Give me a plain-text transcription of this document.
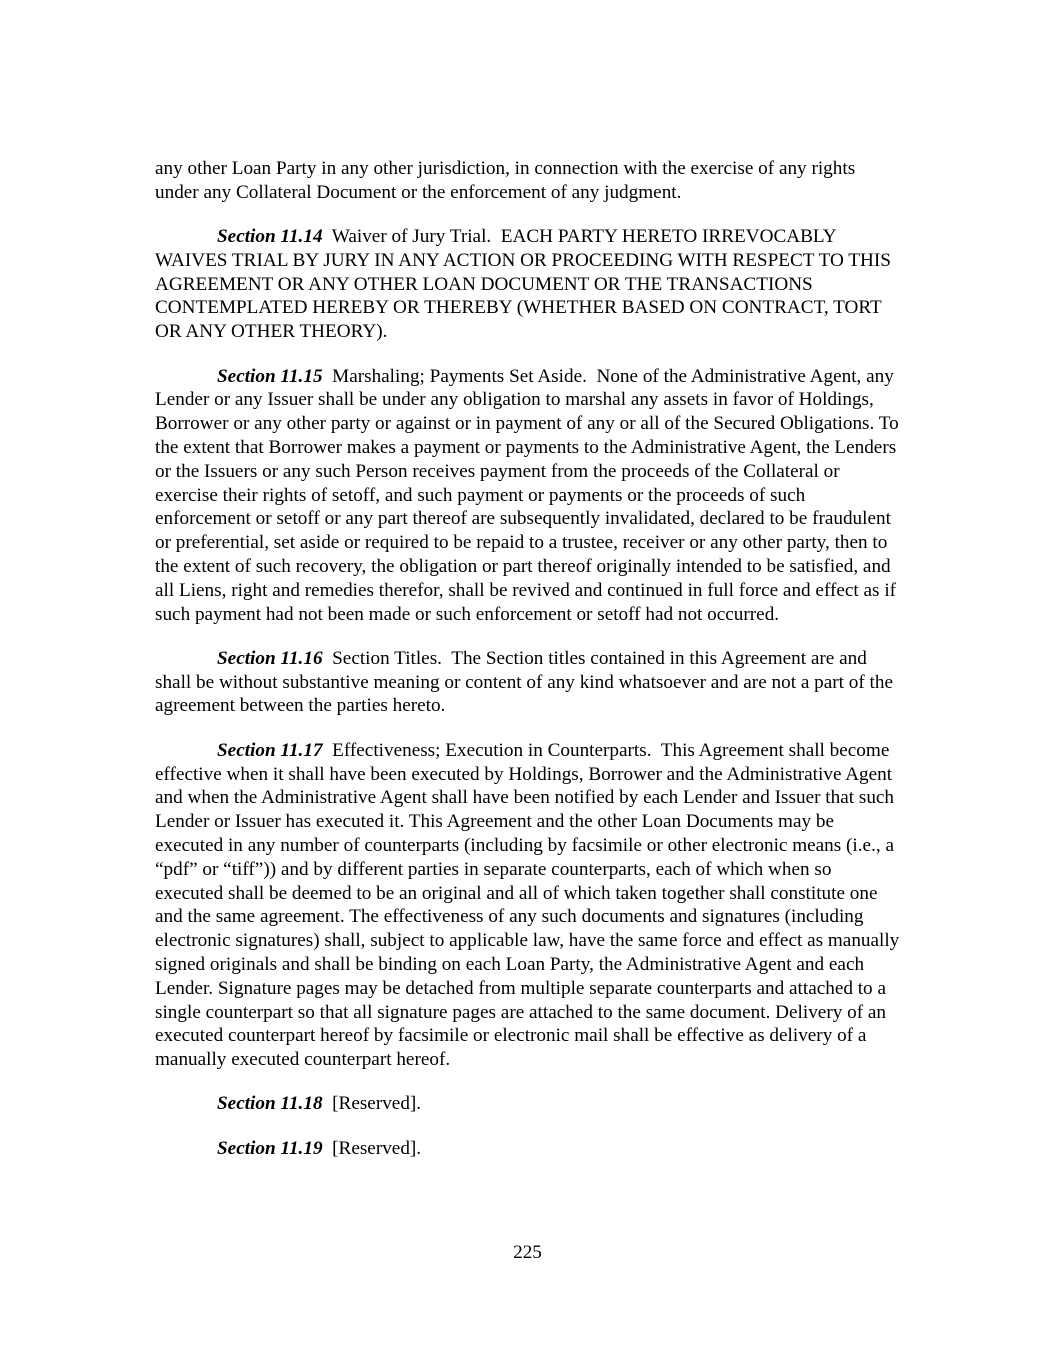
any other Loan Party in any other jurisdiction, in connection with the exercise of any rights under any Collateral Document or the enforcement of any judgment.

Section 11.14 Waiver of Jury Trial. EACH PARTY HERETO IRREVOCABLY WAIVES TRIAL BY JURY IN ANY ACTION OR PROCEEDING WITH RESPECT TO THIS AGREEMENT OR ANY OTHER LOAN DOCUMENT OR THE TRANSACTIONS CONTEMPLATED HEREBY OR THEREBY (WHETHER BASED ON CONTRACT, TORT OR ANY OTHER THEORY).

Section 11.15 Marshaling; Payments Set Aside. None of the Administrative Agent, any Lender or any Issuer shall be under any obligation to marshal any assets in favor of Holdings, Borrower or any other party or against or in payment of any or all of the Secured Obligations. To the extent that Borrower makes a payment or payments to the Administrative Agent, the Lenders or the Issuers or any such Person receives payment from the proceeds of the Collateral or exercise their rights of setoff, and such payment or payments or the proceeds of such enforcement or setoff or any part thereof are subsequently invalidated, declared to be fraudulent or preferential, set aside or required to be repaid to a trustee, receiver or any other party, then to the extent of such recovery, the obligation or part thereof originally intended to be satisfied, and all Liens, right and remedies therefor, shall be revived and continued in full force and effect as if such payment had not been made or such enforcement or setoff had not occurred.

Section 11.16 Section Titles. The Section titles contained in this Agreement are and shall be without substantive meaning or content of any kind whatsoever and are not a part of the agreement between the parties hereto.

Section 11.17 Effectiveness; Execution in Counterparts. This Agreement shall become effective when it shall have been executed by Holdings, Borrower and the Administrative Agent and when the Administrative Agent shall have been notified by each Lender and Issuer that such Lender or Issuer has executed it. This Agreement and the other Loan Documents may be executed in any number of counterparts (including by facsimile or other electronic means (i.e., a “pdf” or “tiff”)) and by different parties in separate counterparts, each of which when so executed shall be deemed to be an original and all of which taken together shall constitute one and the same agreement. The effectiveness of any such documents and signatures (including electronic signatures) shall, subject to applicable law, have the same force and effect as manually signed originals and shall be binding on each Loan Party, the Administrative Agent and each Lender. Signature pages may be detached from multiple separate counterparts and attached to a single counterpart so that all signature pages are attached to the same document. Delivery of an executed counterpart hereof by facsimile or electronic mail shall be effective as delivery of a manually executed counterpart hereof.

Section 11.18 [Reserved].

Section 11.19 [Reserved].

225
